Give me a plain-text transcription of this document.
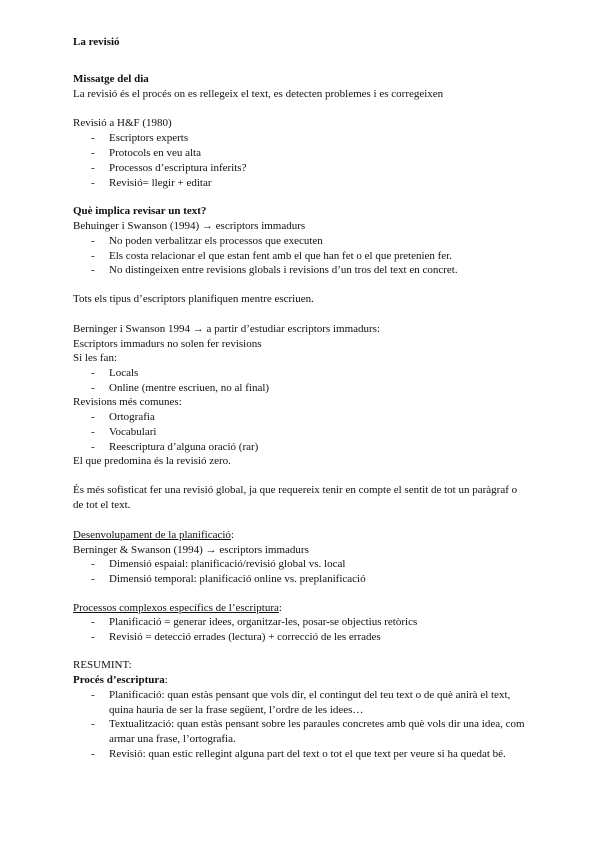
La revisió
Missatge del dia
La revisió és el procés on es rellegeix el text, es detecten problemes i es corregeixen
Revisió a H&F (1980)
- Escriptors experts
- Protocols en veu alta
- Processos d’escriptura inferits?
- Revisió= llegir + editar
Què implica revisar un text?
Behuinger i Swanson (1994) → escriptors immadurs
- No poden verbalitzar els processos que executen
- Els costa relacionar el que estan fent amb el que han fet o el que pretenien fer.
- No distingeixen entre revisions globals i revisions d’un tros del text en concret.
Tots els tipus d’escriptors planifiquen mentre escriuen.
Berninger i Swanson 1994 → a partir d’estudiar escriptors immadurs:
Escriptors immadurs no solen fer revisions
Si les fan:
- Locals
- Online (mentre escriuen, no al final)
Revisions més comunes:
- Ortografia
- Vocabulari
- Reescriptura d’alguna oració (rar)
El que predomina és la revisió zero.
És més sofisticat fer una revisió global, ja que requereix tenir en compte el sentit de tot un paràgraf o
de tot el text.
Desenvolupament de la planificació:
Berninger & Swanson (1994) → escriptors immadurs
- Dimensió espaial: planificació/revisió global vs. local
- Dimensió temporal: planificació online vs. preplanificació
Processos complexos específics de l’escriptura:
- Planificació = generar idees, organitzar-les, posar-se objectius retòrics
- Revisió = detecció errades (lectura) + correcció de les errades
RESUMINT:
Procés d’escriptura:
- Planificació: quan estàs pensant que vols dir, el contingut del teu text o de què anirà el text,
quina hauria de ser la frase següent, l’ordre de les idees…
- Textualització: quan estàs pensant sobre les paraules concretes amb què vols dir una idea, com
armar una frase, l’ortografia.
- Revisió: quan estic rellegint alguna part del text o tot el que text per veure si ha quedat bé.
